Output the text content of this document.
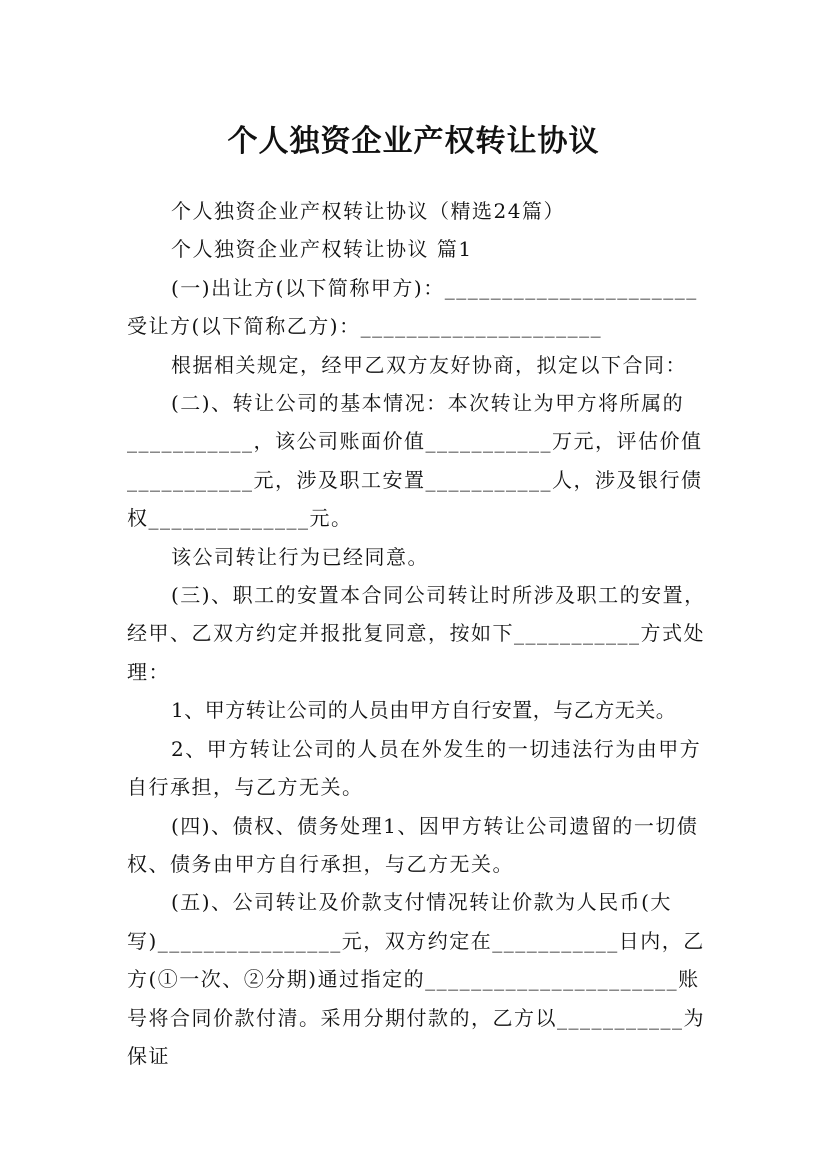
个人独资企业产权转让协议

个人独资企业产权转让协议（精选24篇）

个人独资企业产权转让协议 篇1

(一)出让方(以下简称甲方)：______________________受让方(以下简称乙方)：_____________________

根据相关规定，经甲乙双方友好协商，拟定以下合同：

(二)、转让公司的基本情况：本次转让为甲方将所属的___________，该公司账面价值___________万元，评估价值___________元，涉及职工安置___________人，涉及银行债权______________元。

该公司转让行为已经同意。

(三)、职工的安置本合同公司转让时所涉及职工的安置，经甲、乙双方约定并报批复同意，按如下___________方式处理：

1、甲方转让公司的人员由甲方自行安置，与乙方无关。

2、甲方转让公司的人员在外发生的一切违法行为由甲方自行承担，与乙方无关。

(四)、债权、债务处理1、因甲方转让公司遗留的一切债权、债务由甲方自行承担，与乙方无关。

(五)、公司转让及价款支付情况转让价款为人民币(大写)________________元，双方约定在___________日内，乙方(①一次、②分期)通过指定的______________________账号将合同价款付清。采用分期付款的，乙方以___________为保证
